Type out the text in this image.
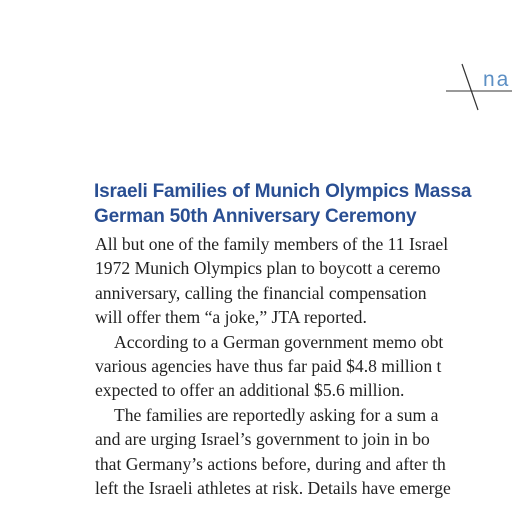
na
Israeli Families of Munich Olympics Massa
German 50th Anniversary Ceremony
All but one of the family members of the 11 Israel
1972 Munich Olympics plan to boycott a ceremo
anniversary, calling the financial compensation
will offer them “a joke,” JTA reported.
According to a German government memo obt
various agencies have thus far paid $4.8 million t
expected to offer an additional $5.6 million.
The families are reportedly asking for a sum a
and are urging Israel’s government to join in bo
that Germany’s actions before, during and after th
left the Israeli athletes at risk. Details have emerge
